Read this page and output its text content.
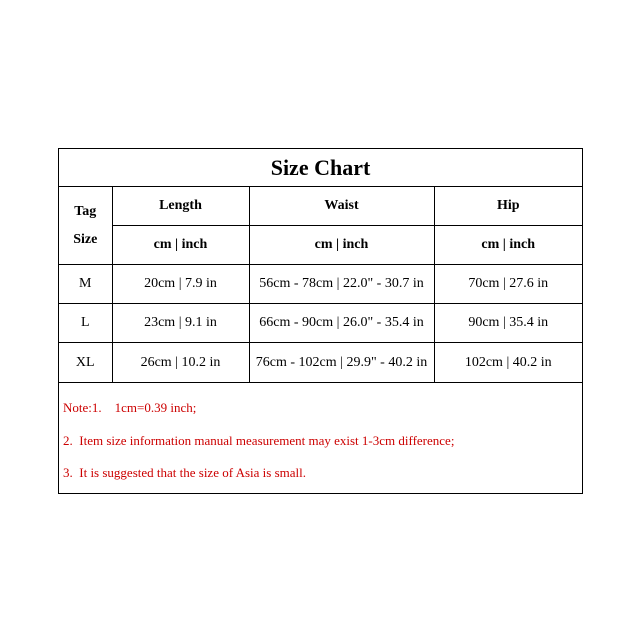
Size Chart
Tag
Size	Length	Waist	Hip
	cm | inch	cm | inch	cm | inch
M	20cm | 7.9 in	56cm - 78cm | 22.0" - 30.7 in	70cm | 27.6 in
L	23cm | 9.1 in	66cm - 90cm | 26.0" - 35.4 in	90cm | 35.4 in
XL	26cm | 10.2 in	76cm - 102cm | 29.9" - 40.2 in	102cm | 40.2 in
Note:1.    1cm=0.39 inch;
2.  Item size information manual measurement may exist 1-3cm difference;
3.  It is suggested that the size of Asia is small.
